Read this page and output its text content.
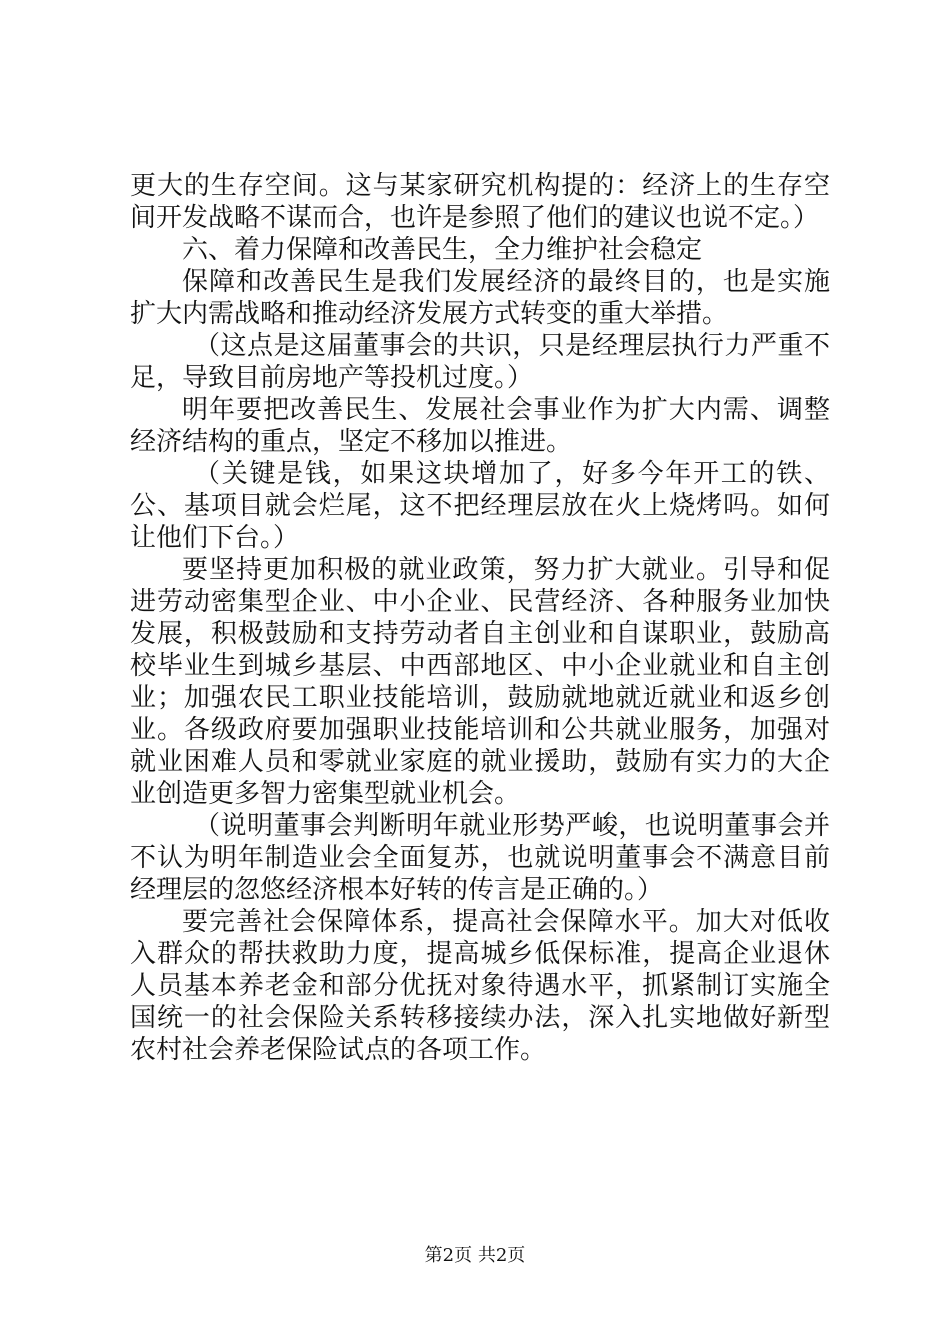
更大的生存空间。这与某家研究机构提的：经济上的生存空间开发战略不谋而合，也许是参照了他们的建议也说不定。）

六、着力保障和改善民生，全力维护社会稳定

保障和改善民生是我们发展经济的最终目的，也是实施扩大内需战略和推动经济发展方式转变的重大举措。

（这点是这届董事会的共识，只是经理层执行力严重不足，导致目前房地产等投机过度。）

明年要把改善民生、发展社会事业作为扩大内需、调整经济结构的重点，坚定不移加以推进。

（关键是钱，如果这块增加了，好多今年开工的铁、公、基项目就会烂尾，这不把经理层放在火上烧烤吗。如何让他们下台。）

要坚持更加积极的就业政策，努力扩大就业。引导和促进劳动密集型企业、中小企业、民营经济、各种服务业加快发展，积极鼓励和支持劳动者自主创业和自谋职业，鼓励高校毕业生到城乡基层、中西部地区、中小企业就业和自主创业；加强农民工职业技能培训，鼓励就地就近就业和返乡创业。各级政府要加强职业技能培训和公共就业服务，加强对就业困难人员和零就业家庭的就业援助，鼓励有实力的大企业创造更多智力密集型就业机会。

（说明董事会判断明年就业形势严峻，也说明董事会并不认为明年制造业会全面复苏，也就说明董事会不满意目前经理层的忽悠经济根本好转的传言是正确的。）

要完善社会保障体系，提高社会保障水平。加大对低收入群众的帮扶救助力度，提高城乡低保标准，提高企业退休人员基本养老金和部分优抚对象待遇水平，抓紧制订实施全国统一的社会保险关系转移接续办法，深入扎实地做好新型农村社会养老保险试点的各项工作。

第2页 共2页
